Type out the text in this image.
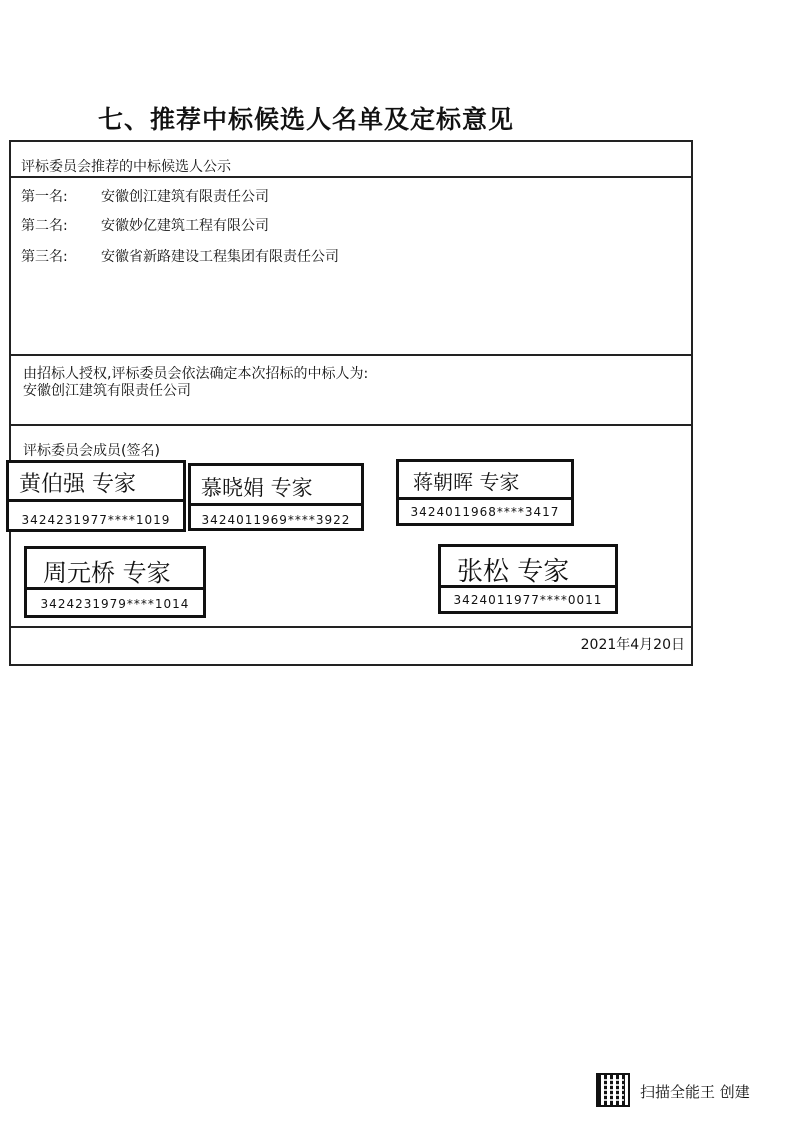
七、推荐中标候选人名单及定标意见
评标委员会推荐的中标候选人公示
第一名: 安徽创江建筑有限责任公司
第二名: 安徽妙亿建筑工程有限公司
第三名: 安徽省新路建设工程集团有限责任公司
由招标人授权,评标委员会依法确定本次招标的中标人为:
安徽创江建筑有限责任公司
评标委员会成员(签名)
2021年4月20日
黄伯强 专家
3424231977****1019
慕晓娟 专家
3424011969****3922
蒋朝晖 专家
3424011968****3417
周元桥 专家
3424231979****1014
张松 专家
3424011977****0011
扫描全能王 创建
